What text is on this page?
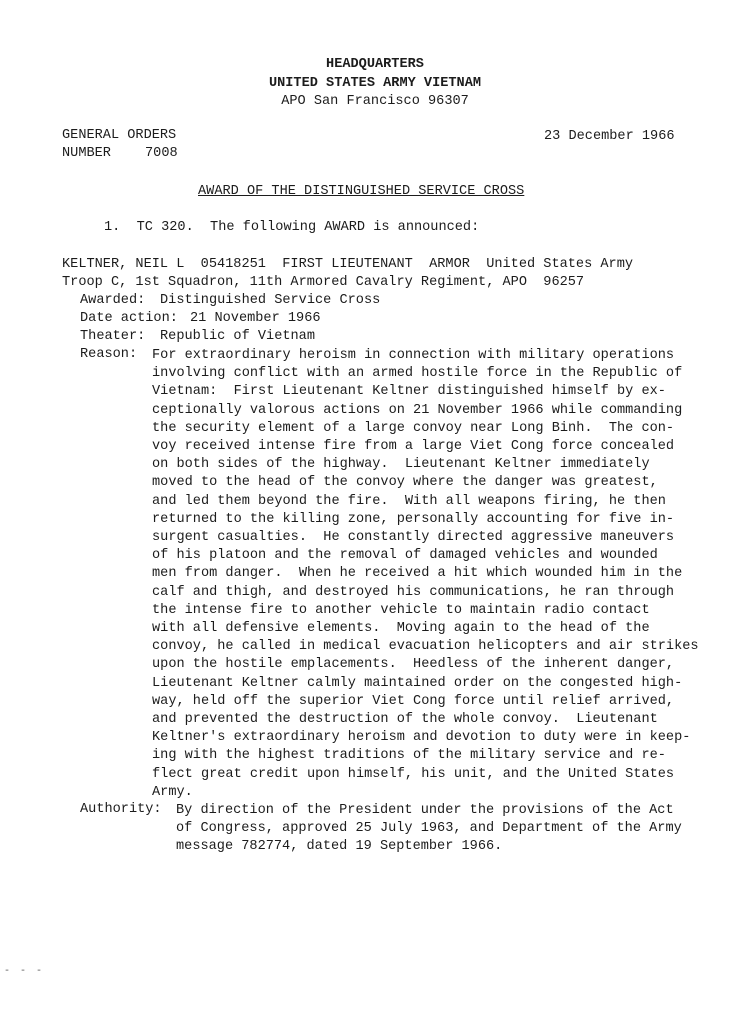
HEADQUARTERS
UNITED STATES ARMY VIETNAM
APO San Francisco 96307
GENERAL ORDERS
NUMBER	7008
23 December 1966
AWARD OF THE DISTINGUISHED SERVICE CROSS
1.  TC 320.  The following AWARD is announced:
KELTNER, NEIL L  05418251  FIRST LIEUTENANT  ARMOR  United States Army
Troop C, 1st Squadron, 11th Armored Cavalry Regiment, APO  96257
Awarded: Distinguished Service Cross
Date action: 21 November 1966
Theater: Republic of Vietnam
Reason: For extraordinary heroism in connection with military operations
involving conflict with an armed hostile force in the Republic of
Vietnam:  First Lieutenant Keltner distinguished himself by ex-
ceptionally valorous actions on 21 November 1966 while commanding
the security element of a large convoy near Long Binh.  The con-
voy received intense fire from a large Viet Cong force concealed
on both sides of the highway.  Lieutenant Keltner immediately
moved to the head of the convoy where the danger was greatest,
and led them beyond the fire.  With all weapons firing, he then
returned to the killing zone, personally accounting for five in-
surgent casualties.  He constantly directed aggressive maneuvers
of his platoon and the removal of damaged vehicles and wounded
men from danger.  When he received a hit which wounded him in the
calf and thigh, and destroyed his communications, he ran through
the intense fire to another vehicle to maintain radio contact
with all defensive elements.  Moving again to the head of the
convoy, he called in medical evacuation helicopters and air strikes
upon the hostile emplacements.  Heedless of the inherent danger,
Lieutenant Keltner calmly maintained order on the congested high-
way, held off the superior Viet Cong force until relief arrived,
and prevented the destruction of the whole convoy.  Lieutenant
Keltner's extraordinary heroism and devotion to duty were in keep-
ing with the highest traditions of the military service and re-
flect great credit upon himself, his unit, and the United States
Army.
Authority: By direction of the President under the provisions of the Act
of Congress, approved 25 July 1963, and Department of the Army
message 782774, dated 19 September 1966.
- - -
